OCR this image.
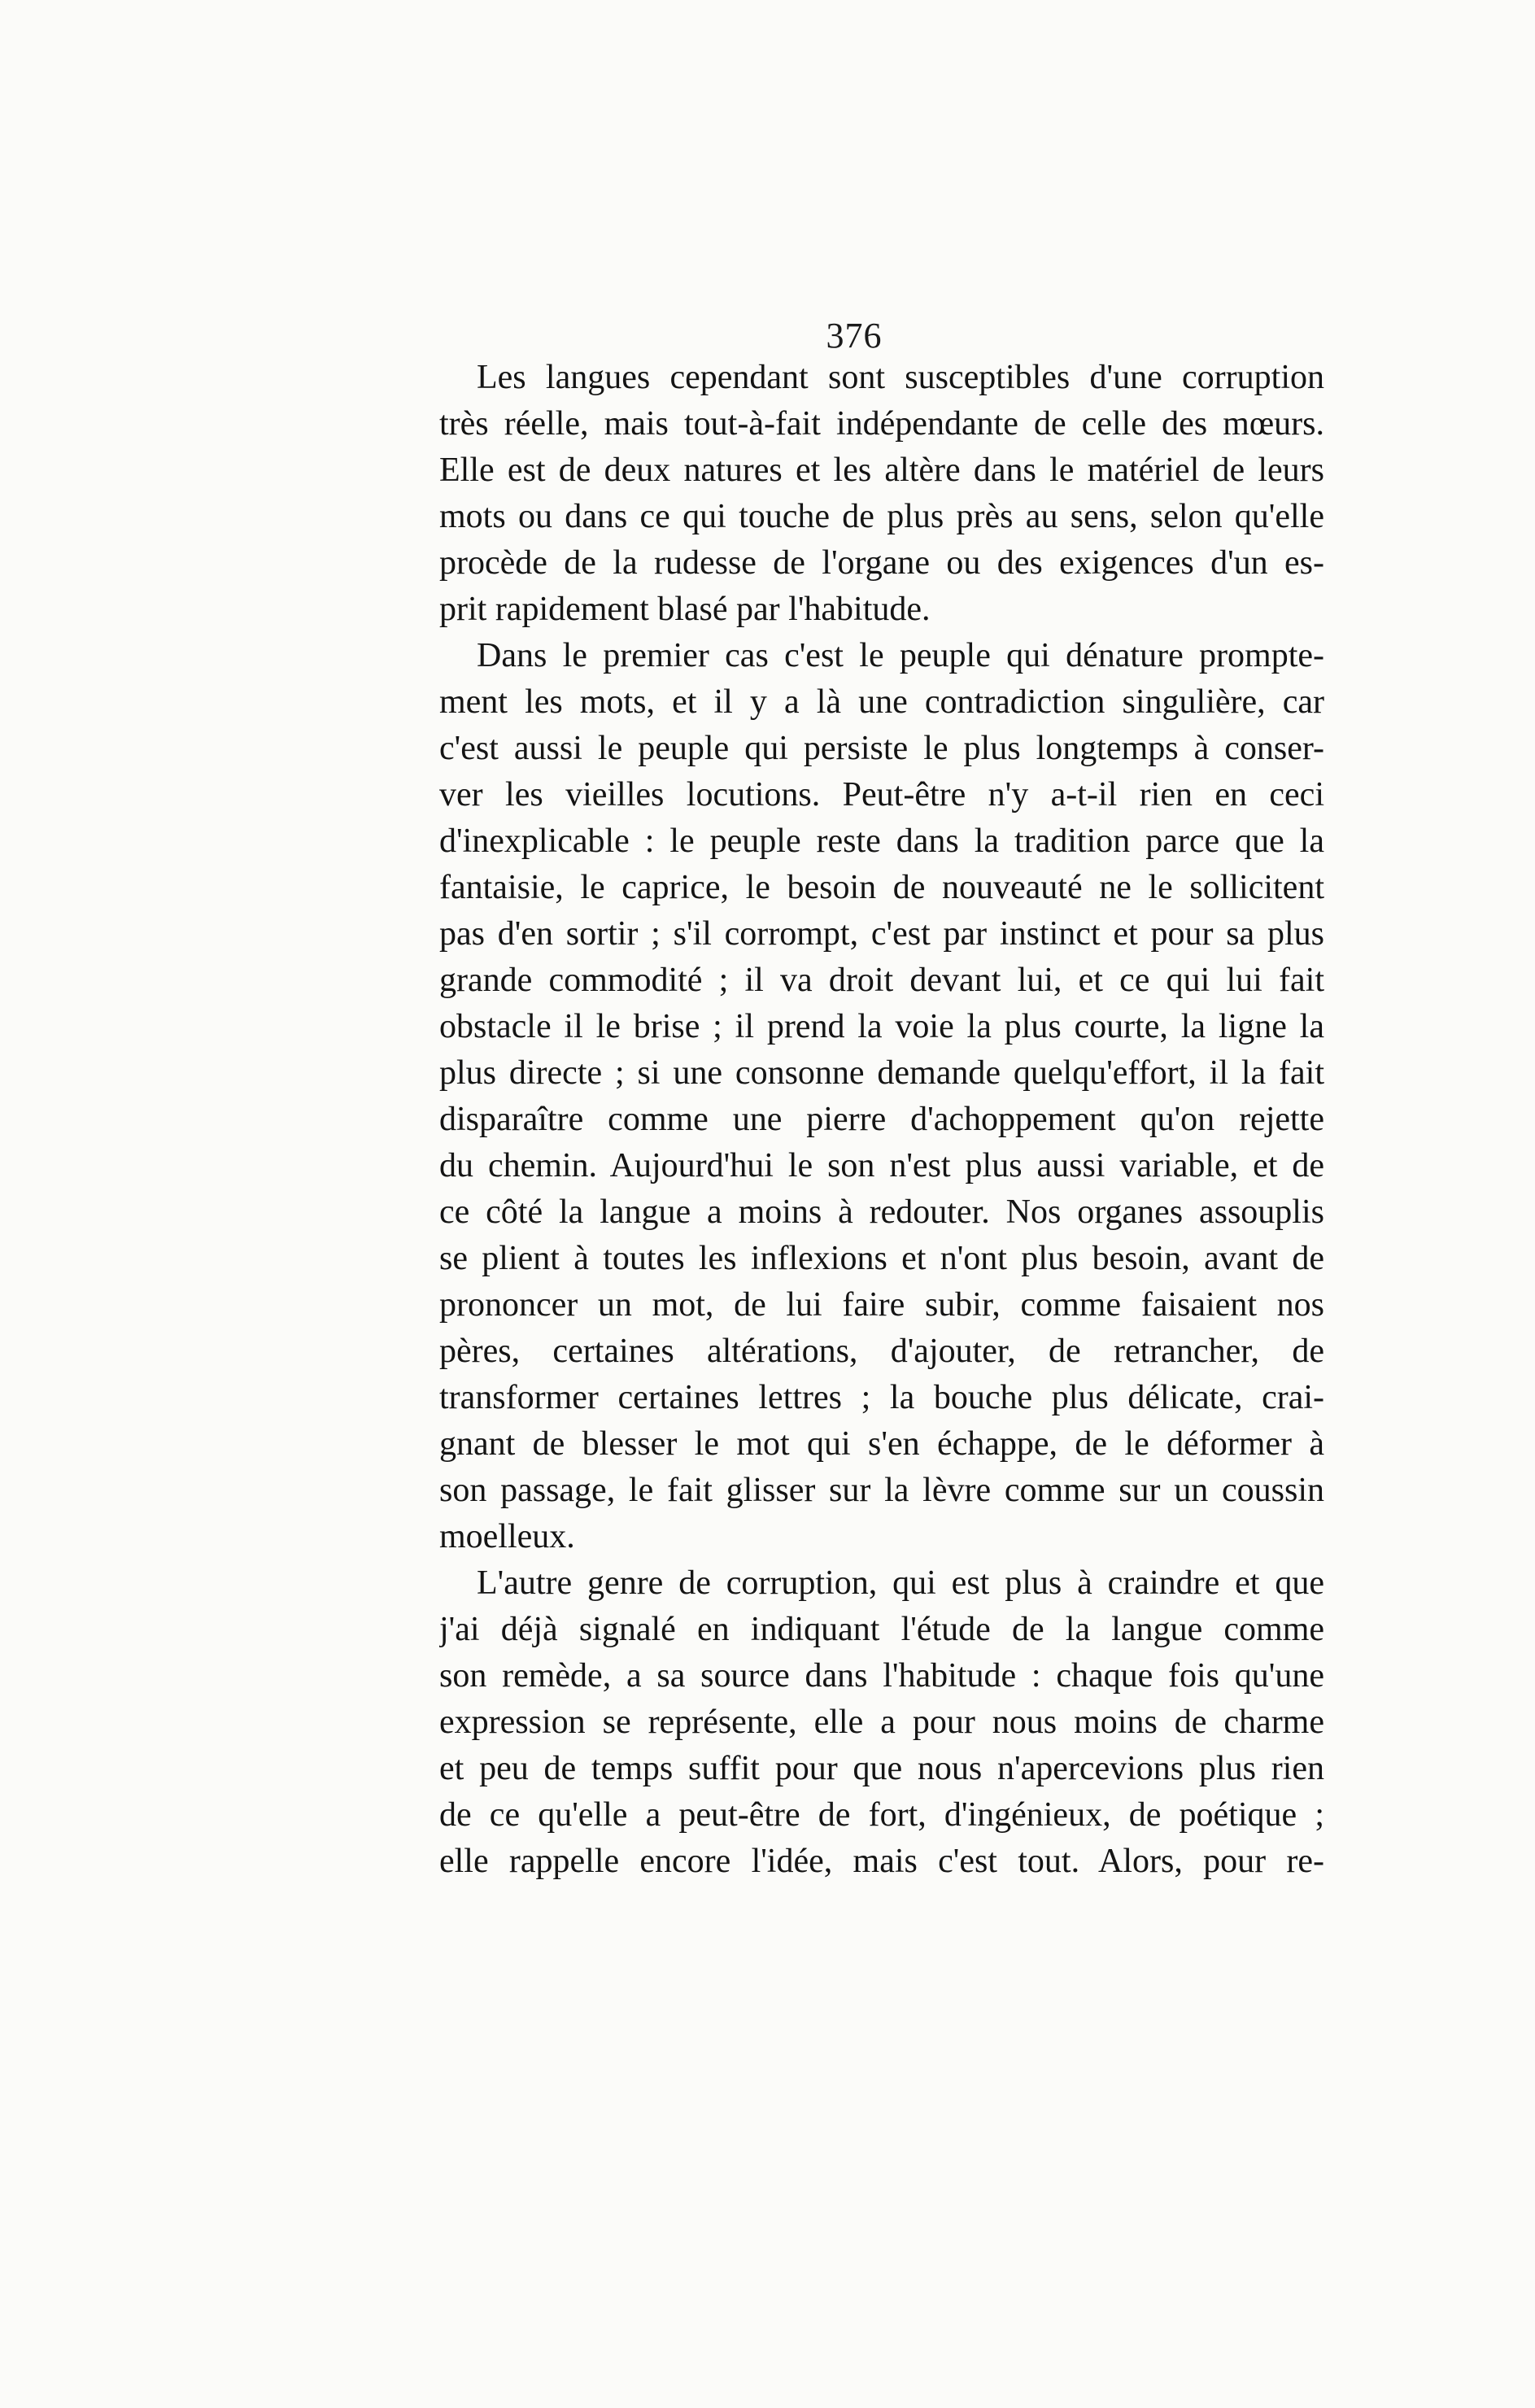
376
Les langues cependant sont susceptibles d'une corruption
très réelle, mais tout-à-fait indépendante de celle des mœurs.
Elle est de deux natures et les altère dans le matériel de leurs
mots ou dans ce qui touche de plus près au sens, selon qu'elle
procède de la rudesse de l'organe ou des exigences d'un es-
prit rapidement blasé par l'habitude.
Dans le premier cas c'est le peuple qui dénature prompte-
ment les mots, et il y a là une contradiction singulière, car
c'est aussi le peuple qui persiste le plus longtemps à conser-
ver les vieilles locutions. Peut-être n'y a-t-il rien en ceci
d'inexplicable : le peuple reste dans la tradition parce que la
fantaisie, le caprice, le besoin de nouveauté ne le sollicitent
pas d'en sortir ; s'il corrompt, c'est par instinct et pour sa plus
grande commodité ; il va droit devant lui, et ce qui lui fait
obstacle il le brise ; il prend la voie la plus courte, la ligne la
plus directe ; si une consonne demande quelqu'effort, il la fait
disparaître comme une pierre d'achoppement qu'on rejette
du chemin. Aujourd'hui le son n'est plus aussi variable, et de
ce côté la langue a moins à redouter. Nos organes assouplis
se plient à toutes les inflexions et n'ont plus besoin, avant de
prononcer un mot, de lui faire subir, comme faisaient nos
pères, certaines altérations, d'ajouter, de retrancher, de
transformer certaines lettres ; la bouche plus délicate, crai-
gnant de blesser le mot qui s'en échappe, de le déformer à
son passage, le fait glisser sur la lèvre comme sur un coussin
moelleux.
L'autre genre de corruption, qui est plus à craindre et que
j'ai déjà signalé en indiquant l'étude de la langue comme
son remède, a sa source dans l'habitude : chaque fois qu'une
expression se représente, elle a pour nous moins de charme
et peu de temps suffit pour que nous n'apercevions plus rien
de ce qu'elle a peut-être de fort, d'ingénieux, de poétique ;
elle rappelle encore l'idée, mais c'est tout. Alors, pour re-
